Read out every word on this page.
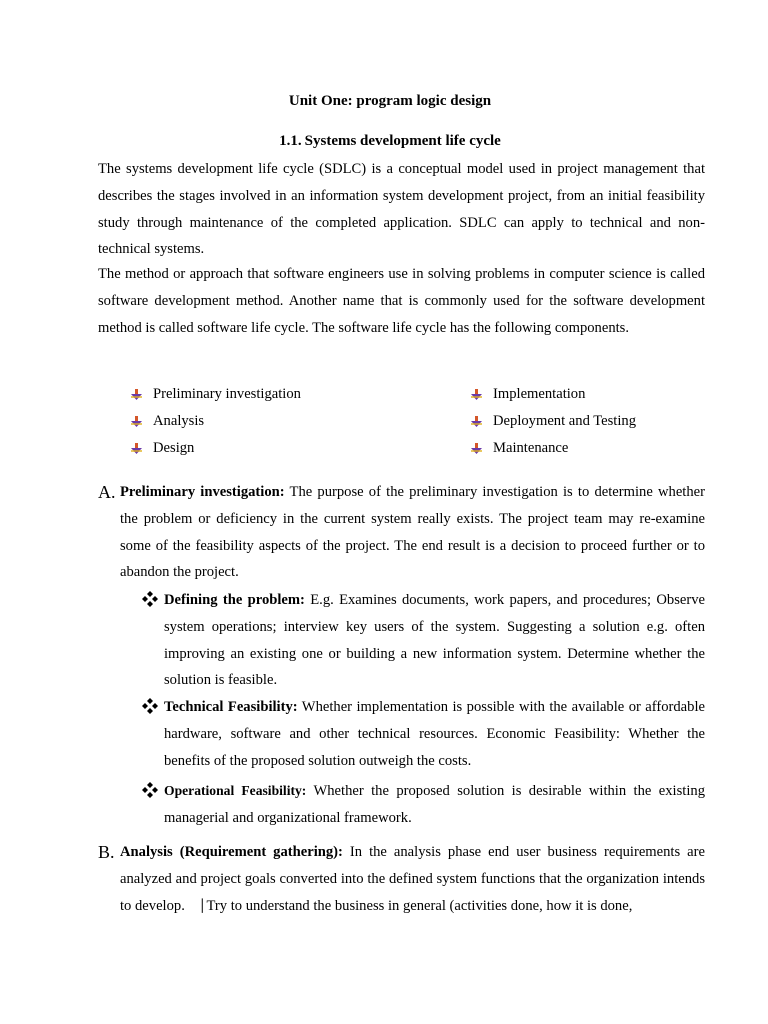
Unit One: program logic design
1.1. Systems development life cycle
The systems development life cycle (SDLC) is a conceptual model used in project management that describes the stages involved in an information system development project, from an initial feasibility study through maintenance of the completed application. SDLC can apply to technical and non-technical systems.
The method or approach that software engineers use in solving problems in computer science is called software development method. Another name that is commonly used for the software development method is called software life cycle. The software life cycle has the following components.
Preliminary investigation
Analysis
Design
Implementation
Deployment and Testing
Maintenance
A. Preliminary investigation: The purpose of the preliminary investigation is to determine whether the problem or deficiency in the current system really exists. The project team may re-examine some of the feasibility aspects of the project. The end result is a decision to proceed further or to abandon the project.
Defining the problem: E.g. Examines documents, work papers, and procedures; Observe system operations; interview key users of the system. Suggesting a solution e.g. often improving an existing one or building a new information system. Determine whether the solution is feasible.
Technical Feasibility: Whether implementation is possible with the available or affordable hardware, software and other technical resources. Economic Feasibility: Whether the benefits of the proposed solution outweigh the costs.
Operational Feasibility: Whether the proposed solution is desirable within the existing managerial and organizational framework.
B. Analysis (Requirement gathering): In the analysis phase end user business requirements are analyzed and project goals converted into the defined system functions that the organization intends to develop. ⎹ Try to understand the business in general (activities done, how it is done,
